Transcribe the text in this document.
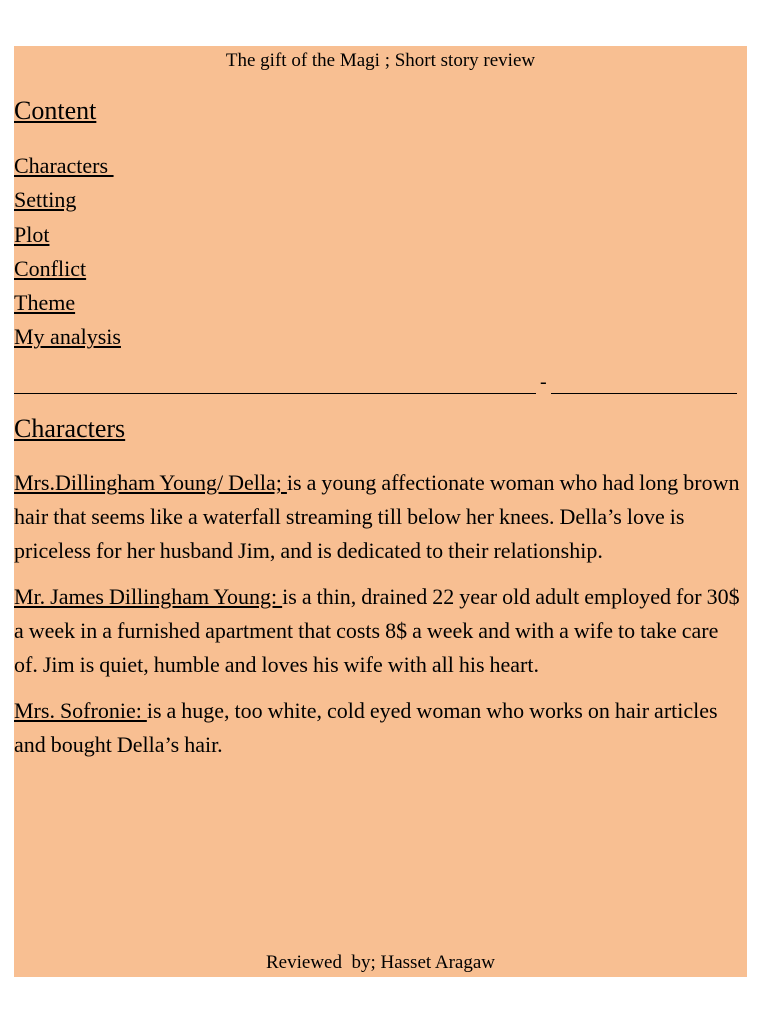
The gift of the Magi ; Short story review

Content
Characters
Setting
Plot
Conflict
Theme
My analysis
-
Characters

Mrs.Dillingham Young/ Della; is a young affectionate woman who had long brown hair that seems like a waterfall streaming till below her knees. Della’s love is priceless for her husband Jim, and is dedicated to their relationship.

Mr. James Dillingham Young: is a thin, drained 22 year old adult employed for 30$ a week in a furnished apartment that costs 8$ a week and with a wife to take care of. Jim is quiet, humble and loves his wife with all his heart.

Mrs. Sofronie: is a huge, too white, cold eyed woman who works on hair articles and bought Della’s hair.

Reviewed  by; Hasset Aragaw
